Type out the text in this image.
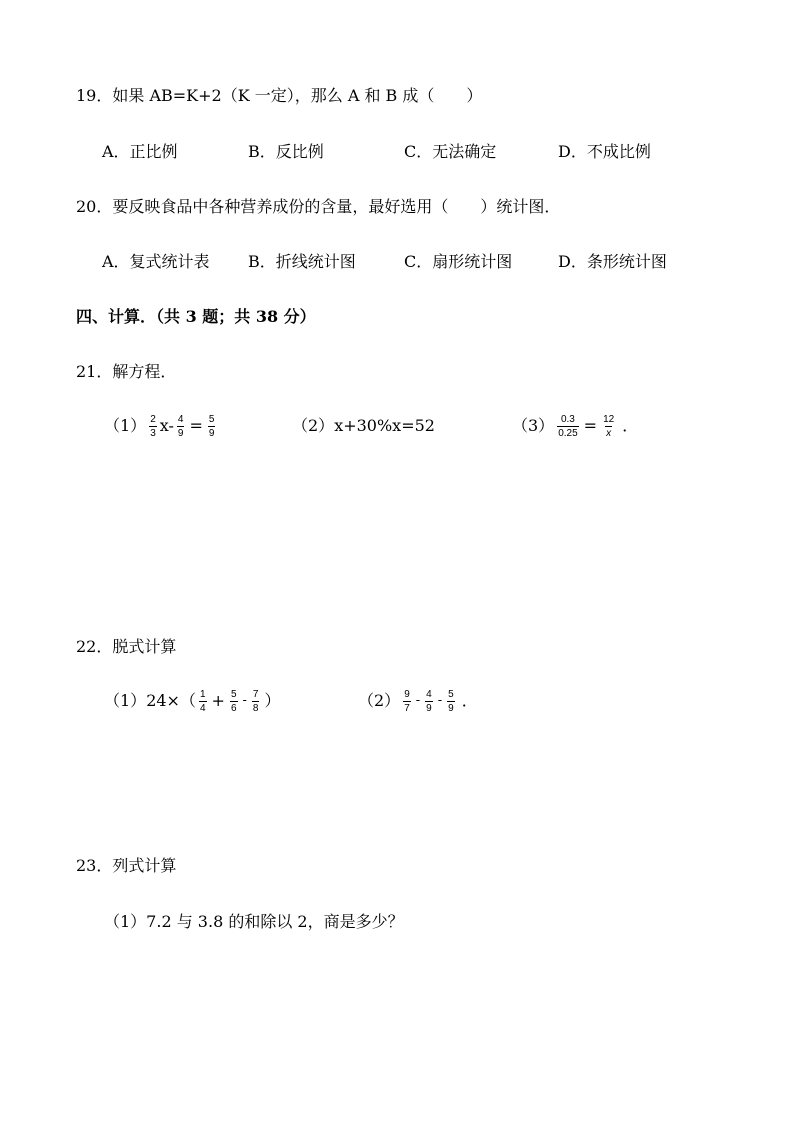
19．如果 AB=K+2（K 一定），那么 A 和 B 成（　　）
A．正比例	B．反比例	C．无法确定	D．不成比例
20．要反映食品中各种营养成份的含量，最好选用（　　）统计图．
A．复式统计表 B．折线统计图	C．扇形统计图	D．条形统计图
四、计算．（共 3 题；共 38 分）
21．解方程．
$(1) \frac{2}{3} x- \frac{4}{9} = \frac{5}{9}$	（2） x+30%x=52	$(3) \frac{0.3}{0.25} = \frac{12}{x}$ ．
22．脱式计算
（1） $24\times( \frac{1}{4} + \frac{5}{6} - \frac{7}{8}$ ）	$(2) \frac{9}{7} - \frac{4}{9} - \frac{5}{9}$ ．
23．列式计算
（1）7.2 与 3.8 的和除以 2，商是多少？
